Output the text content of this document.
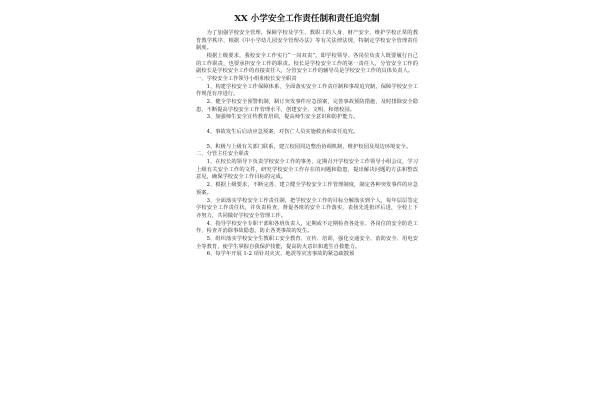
XX 小学安全工作责任制和责任追究制

为了加强学校安全管理，保障学校及学生、教职工的人身、财产安全，维护学校正常的教育教学秩序，根据《中小学幼儿园安全管理办法》等有关法律法规，特制定学校安全管理责任制度。

根据上级要求，我校安全工作实行“一岗双责”，即学校领导、各岗位负责人既要履行自己的工作职责，也要承担安全工作的职责。校长是学校安全工作的第一责任人，分管安全工作的副校长是学校安全工作的直接责任人，分管安全工作的辅导员是学校安全工作的具体负责人。

一、学校安全工作领导小组和校长安全职责

1、构建学校安全工作保障体系，全面落实安全工作责任制和事故追究制，保障学校安全工作规范有序进行。

2、健全学校安全预警机制，制订突发事件应急预案，完善事故预防措施，及时排除安全隐患，不断提高学校安全工作管理水平，创建安全、文明、和谐校园。

3、加强师生安全宣传教育培训，提高师生安全意识和防护能力。

4、事故发生后启动应急预案，对伤亡人员实施救治和责任追究。

5、积极与上级有关部门联系，建立校园周边整治协调机制，维护校园及周边环境安全。

二、分管主任安全职责

1、在校长的领导下负责学校安全工作的事务，定期召开学校安全工作领导小组会议，学习上级有关安全工作的文件，研究学校安全工作存在的问题和隐患，提出解决问题的方法和整改意见，确保学校安全工作目标的完成。

2、根据上级要求，不断完善、建立健全学校安全工作管理制度，制定各种突发事件的应急预案。

3、全面落实学校安全工作责任制，把学校安全工作的目标分解落实到个人，每年层层签定学校安全工作责任状，并负责检查、督促各班的安全工作落实，表扬先进批评后进，全校上下齐努力，共同做好学校安全管理工作。

4、指导学校安全专职干部和各班负责人，定期或不定期检查各处室、各岗位的安全防范工作，检查并消除事故隐患，防止各类事故的发生。

5、组织落实学校安全生教职工安全教育、宣传、培训，强化交通安全、消防安全、用电安全等教育，使学生掌握自我保护技能，提高防火意识和逃生自救能力。

6、每学年开展 1-2 项针对火灾、地震等灾害事故的紧急疏散预
